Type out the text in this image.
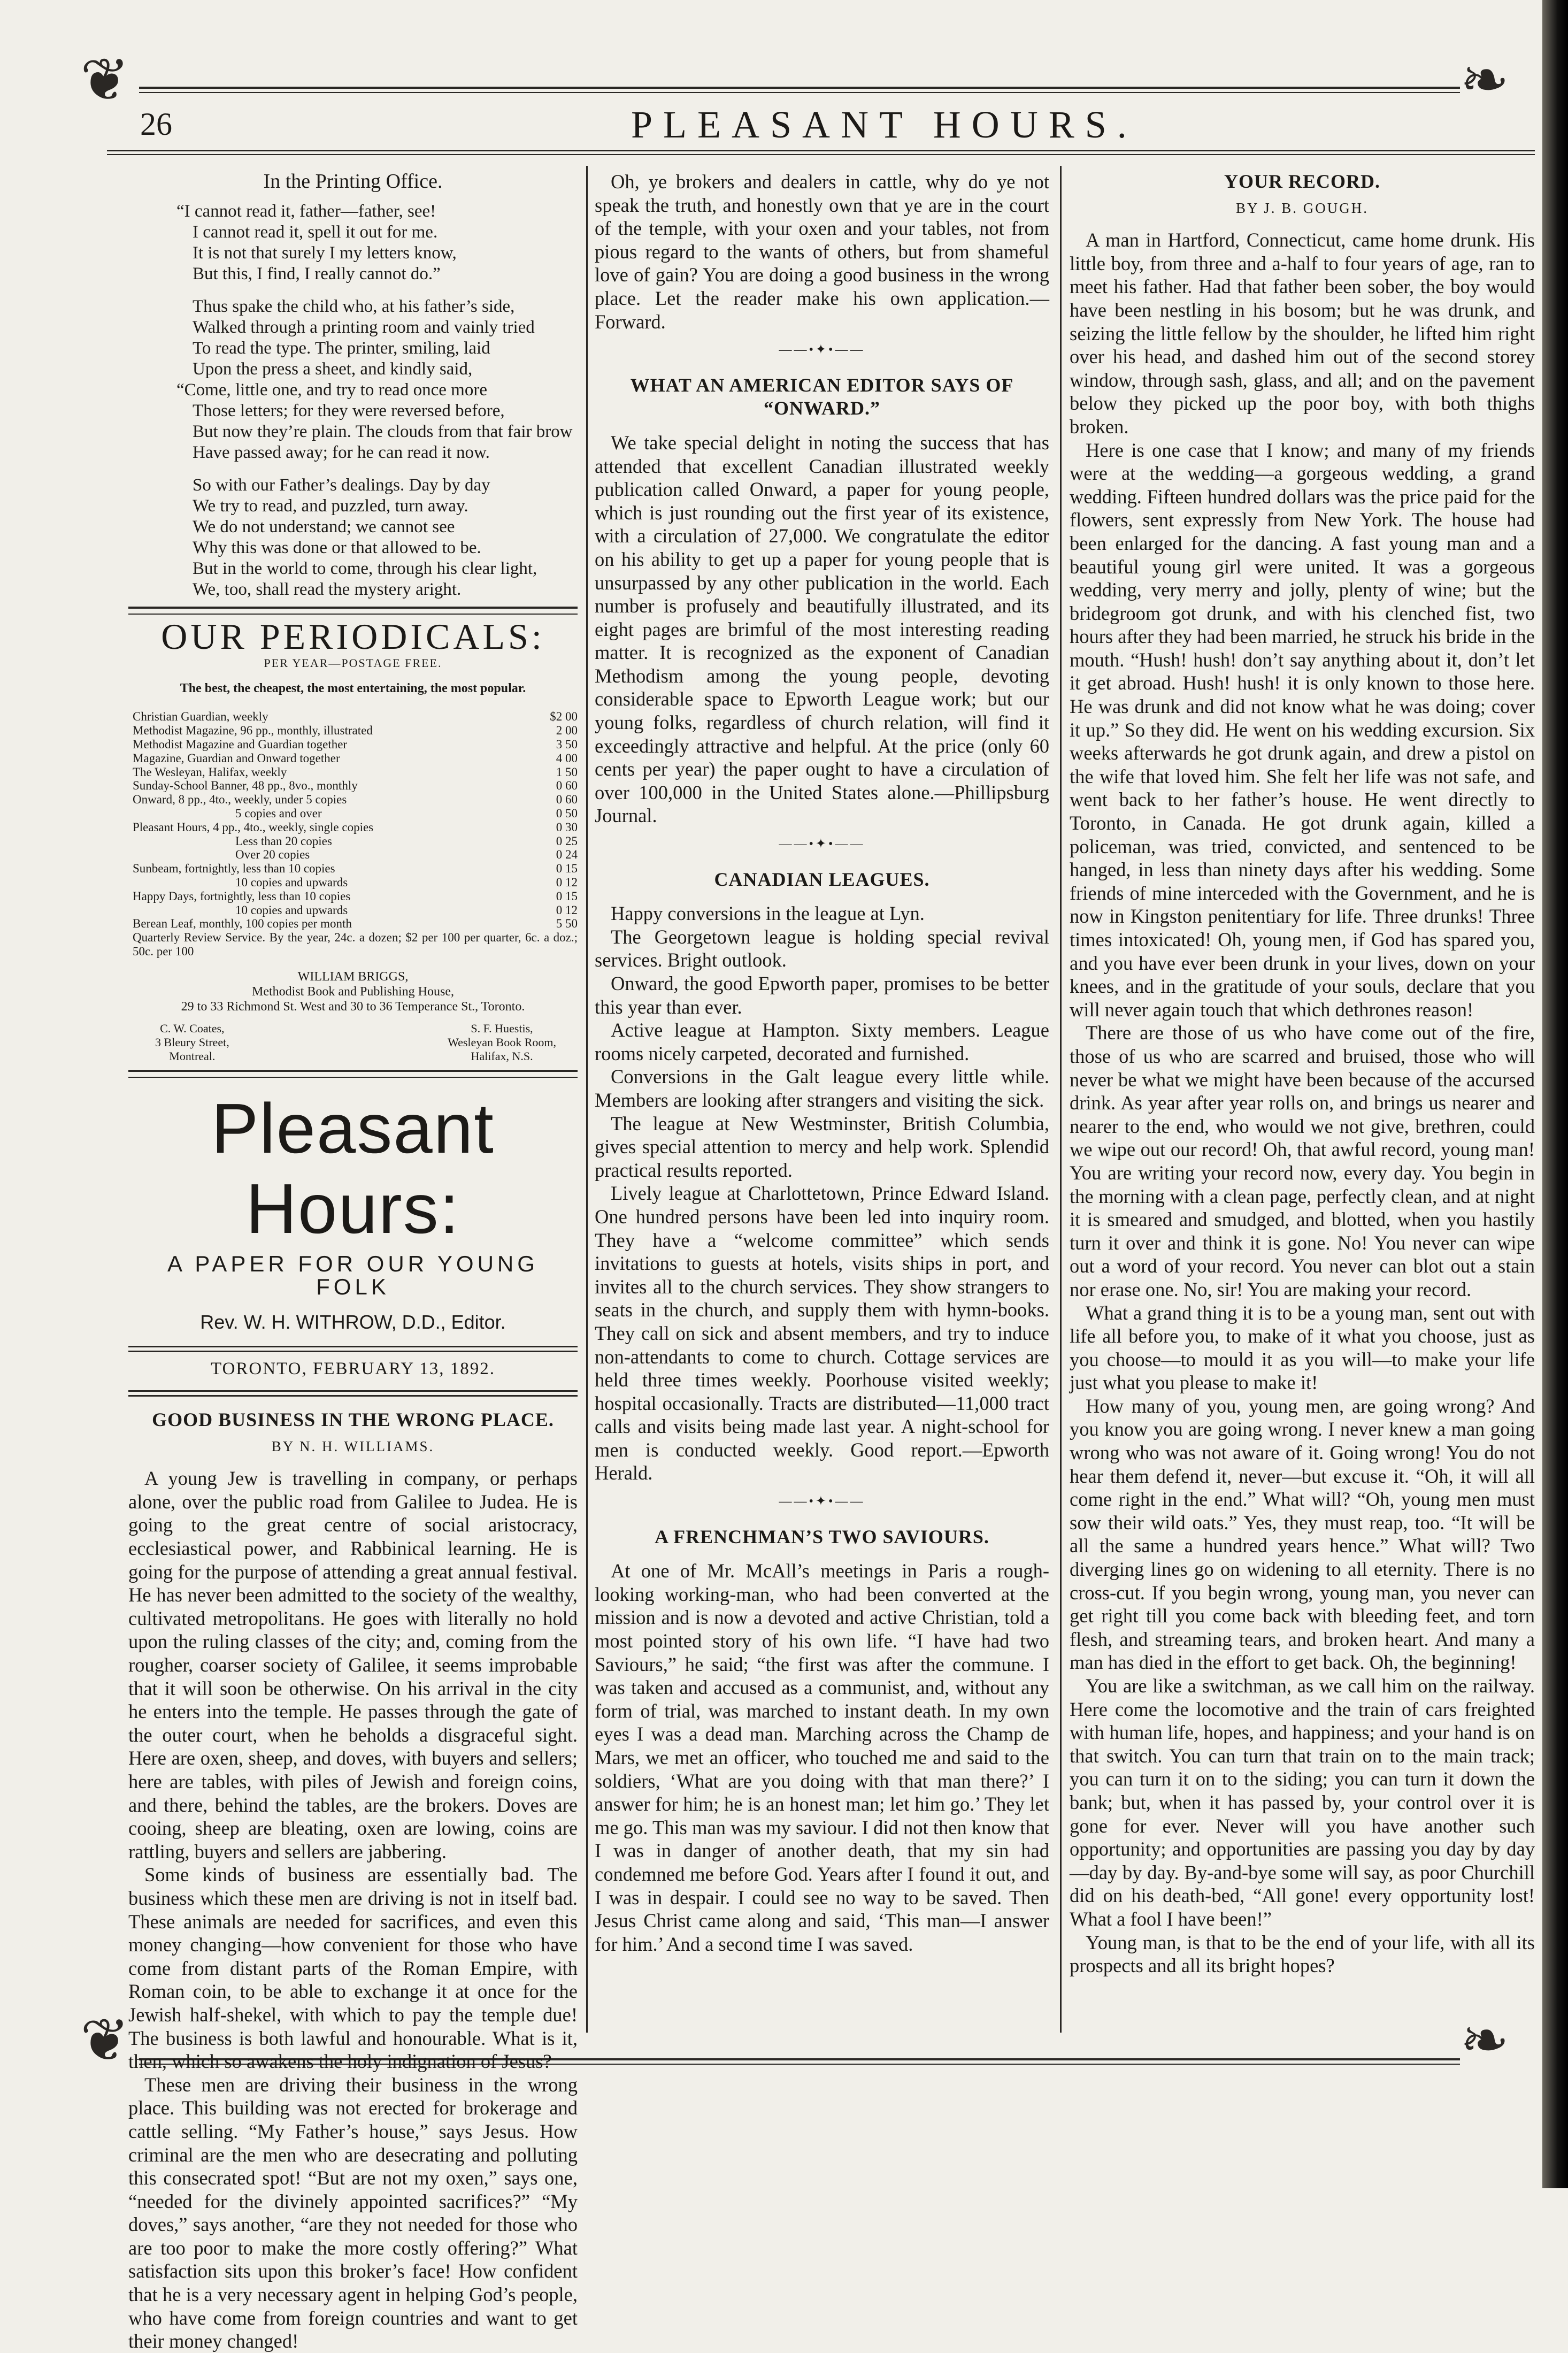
❦	❧
❦	❧
26	PLEASANT HOURS.
In the Printing Office.

“I cannot read it, father—father, see!

I cannot read it, spell it out for me.

It is not that surely I my letters know,

But this, I find, I really cannot do.”

Thus spake the child who, at his father’s side,

Walked through a printing room and vainly tried

To read the type. The printer, smiling, laid

Upon the press a sheet, and kindly said,

“Come, little one, and try to read once more

Those letters; for they were reversed before,

But now they’re plain. The clouds from that fair brow

Have passed away; for he can read it now.

So with our Father’s dealings. Day by day

We try to read, and puzzled, turn away.

We do not understand; we cannot see

Why this was done or that allowed to be.

But in the world to come, through his clear light,

We, too, shall read the mystery aright.

OUR PERIODICALS:
PER YEAR—POSTAGE FREE.
The best, the cheapest, the most entertaining, the most popular.
Christian Guardian, weekly	$2 00
Methodist Magazine, 96 pp., monthly, illustrated	2 00
Methodist Magazine and Guardian together	3 50
Magazine, Guardian and Onward together	4 00
The Wesleyan, Halifax, weekly	1 50
Sunday-School Banner, 48 pp., 8vo., monthly	0 60
Onward, 8 pp., 4to., weekly, under 5 copies	0 60
5 copies and over	0 50
Pleasant Hours, 4 pp., 4to., weekly, single copies	0 30
Less than 20 copies	0 25
Over 20 copies	0 24
Sunbeam, fortnightly, less than 10 copies	0 15
10 copies and upwards	0 12
Happy Days, fortnightly, less than 10 copies	0 15
10 copies and upwards	0 12
Berean Leaf, monthly, 100 copies per month	5 50
Quarterly Review Service. By the year, 24c. a dozen; $2 per 100 per quarter, 6c. a doz.; 50c. per 100	
WILLIAM BRIGGS,
Methodist Book and Publishing House,
29 to 33 Richmond St. West and 30 to 36 Temperance St., Toronto.
C. W. Coates,
3 Bleury Street,
Montreal.
S. F. Huestis,
Wesleyan Book Room,
Halifax, N.S.
Pleasant Hours:
A PAPER FOR OUR YOUNG FOLK
Rev. W. H. WITHROW, D.D., Editor.
TORONTO, FEBRUARY 13, 1892.
GOOD BUSINESS IN THE WRONG PLACE.
BY N. H. WILLIAMS.

A young Jew is travelling in company, or perhaps alone, over the public road from Galilee to Judea. He is going to the great centre of social aristocracy, ecclesiastical power, and Rabbinical learning. He is going for the purpose of attending a great annual festival. He has never been admitted to the society of the wealthy, cultivated metropolitans. He goes with literally no hold upon the ruling classes of the city; and, coming from the rougher, coarser society of Galilee, it seems improbable that it will soon be otherwise. On his arrival in the city he enters into the temple. He passes through the gate of the outer court, when he beholds a disgraceful sight. Here are oxen, sheep, and doves, with buyers and sellers; here are tables, with piles of Jewish and foreign coins, and there, behind the tables, are the brokers. Doves are cooing, sheep are bleating, oxen are lowing, coins are rattling, buyers and sellers are jabbering.

Some kinds of business are essentially bad. The business which these men are driving is not in itself bad. These animals are needed for sacrifices, and even this money changing—how convenient for those who have come from distant parts of the Roman Empire, with Roman coin, to be able to exchange it at once for the Jewish half-shekel, with which to pay the temple due! The business is both lawful and honourable. What is it, then, which so awakens the holy indignation of Jesus?

These men are driving their business in the wrong place. This building was not erected for brokerage and cattle selling. “My Father’s house,” says Jesus. How criminal are the men who are desecrating and polluting this consecrated spot! “But are not my oxen,” says one, “needed for the divinely appointed sacrifices?” “My doves,” says another, “are they not needed for those who are too poor to make the more costly offering?” What satisfaction sits upon this broker’s face! How confident that he is a very necessary agent in helping God’s people, who have come from foreign countries and want to get their money changed!

Oh, ye brokers and dealers in cattle, why do ye not speak the truth, and honestly own that ye are in the court of the temple, with your oxen and your tables, not from pious regard to the wants of others, but from shameful love of gain? You are doing a good business in the wrong place. Let the reader make his own application.—Forward.

——•✦•——
WHAT AN AMERICAN EDITOR SAYS OF “ONWARD.”

We take special delight in noting the success that has attended that excellent Canadian illustrated weekly publication called Onward, a paper for young people, which is just rounding out the first year of its existence, with a circulation of 27,000. We congratulate the editor on his ability to get up a paper for young people that is unsurpassed by any other publication in the world. Each number is profusely and beautifully illustrated, and its eight pages are brimful of the most interesting reading matter. It is recognized as the exponent of Canadian Methodism among the young people, devoting considerable space to Epworth League work; but our young folks, regardless of church relation, will find it exceedingly attractive and helpful. At the price (only 60 cents per year) the paper ought to have a circulation of over 100,000 in the United States alone.—Phillipsburg Journal.

——•✦•——
CANADIAN LEAGUES.

Happy conversions in the league at Lyn.

The Georgetown league is holding special revival services. Bright outlook.

Onward, the good Epworth paper, promises to be better this year than ever.

Active league at Hampton. Sixty members. League rooms nicely carpeted, decorated and furnished.

Conversions in the Galt league every little while. Members are looking after strangers and visiting the sick.

The league at New Westminster, British Columbia, gives special attention to mercy and help work. Splendid practical results reported.

Lively league at Charlottetown, Prince Edward Island. One hundred persons have been led into inquiry room. They have a “welcome committee” which sends invitations to guests at hotels, visits ships in port, and invites all to the church services. They show strangers to seats in the church, and supply them with hymn-books. They call on sick and absent members, and try to induce non-attendants to come to church. Cottage services are held three times weekly. Poorhouse visited weekly; hospital occasionally. Tracts are distributed—11,000 tract calls and visits being made last year. A night-school for men is conducted weekly. Good report.—Epworth Herald.

——•✦•——
A FRENCHMAN’S TWO SAVIOURS.

At one of Mr. McAll’s meetings in Paris a rough-looking working-man, who had been converted at the mission and is now a devoted and active Christian, told a most pointed story of his own life. “I have had two Saviours,” he said; “the first was after the commune. I was taken and accused as a communist, and, without any form of trial, was marched to instant death. In my own eyes I was a dead man. Marching across the Champ de Mars, we met an officer, who touched me and said to the soldiers, ‘What are you doing with that man there?’ I answer for him; he is an honest man; let him go.’ They let me go. This man was my saviour. I did not then know that I was in danger of another death, that my sin had condemned me before God. Years after I found it out, and I was in despair. I could see no way to be saved. Then Jesus Christ came along and said, ‘This man—I answer for him.’ And a second time I was saved.

YOUR RECORD.
BY J. B. GOUGH.

A man in Hartford, Connecticut, came home drunk. His little boy, from three and a-half to four years of age, ran to meet his father. Had that father been sober, the boy would have been nestling in his bosom; but he was drunk, and seizing the little fellow by the shoulder, he lifted him right over his head, and dashed him out of the second storey window, through sash, glass, and all; and on the pavement below they picked up the poor boy, with both thighs broken.

Here is one case that I know; and many of my friends were at the wedding—a gorgeous wedding, a grand wedding. Fifteen hundred dollars was the price paid for the flowers, sent expressly from New York. The house had been enlarged for the dancing. A fast young man and a beautiful young girl were united. It was a gorgeous wedding, very merry and jolly, plenty of wine; but the bridegroom got drunk, and with his clenched fist, two hours after they had been married, he struck his bride in the mouth. “Hush! hush! don’t say anything about it, don’t let it get abroad. Hush! hush! it is only known to those here. He was drunk and did not know what he was doing; cover it up.” So they did. He went on his wedding excursion. Six weeks afterwards he got drunk again, and drew a pistol on the wife that loved him. She felt her life was not safe, and went back to her father’s house. He went directly to Toronto, in Canada. He got drunk again, killed a policeman, was tried, convicted, and sentenced to be hanged, in less than ninety days after his wedding. Some friends of mine interceded with the Government, and he is now in Kingston penitentiary for life. Three drunks! Three times intoxicated! Oh, young men, if God has spared you, and you have ever been drunk in your lives, down on your knees, and in the gratitude of your souls, declare that you will never again touch that which dethrones reason!

There are those of us who have come out of the fire, those of us who are scarred and bruised, those who will never be what we might have been because of the accursed drink. As year after year rolls on, and brings us nearer and nearer to the end, who would we not give, brethren, could we wipe out our record! Oh, that awful record, young man! You are writing your record now, every day. You begin in the morning with a clean page, perfectly clean, and at night it is smeared and smudged, and blotted, when you hastily turn it over and think it is gone. No! You never can wipe out a word of your record. You never can blot out a stain nor erase one. No, sir! You are making your record.

What a grand thing it is to be a young man, sent out with life all before you, to make of it what you choose, just as you choose—to mould it as you will—to make your life just what you please to make it!

How many of you, young men, are going wrong? And you know you are going wrong. I never knew a man going wrong who was not aware of it. Going wrong! You do not hear them defend it, never—but excuse it. “Oh, it will all come right in the end.” What will? “Oh, young men must sow their wild oats.” Yes, they must reap, too. “It will be all the same a hundred years hence.” What will? Two diverging lines go on widening to all eternity. There is no cross-cut. If you begin wrong, young man, you never can get right till you come back with bleeding feet, and torn flesh, and streaming tears, and broken heart. And many a man has died in the effort to get back. Oh, the beginning!

You are like a switchman, as we call him on the railway. Here come the locomotive and the train of cars freighted with human life, hopes, and happiness; and your hand is on that switch. You can turn that train on to the main track; you can turn it on to the siding; you can turn it down the bank; but, when it has passed by, your control over it is gone for ever. Never will you have another such opportunity; and opportunities are passing you day by day—day by day. By-and-bye some will say, as poor Churchill did on his death-bed, “All gone! every opportunity lost! What a fool I have been!”

Young man, is that to be the end of your life, with all its prospects and all its bright hopes?
